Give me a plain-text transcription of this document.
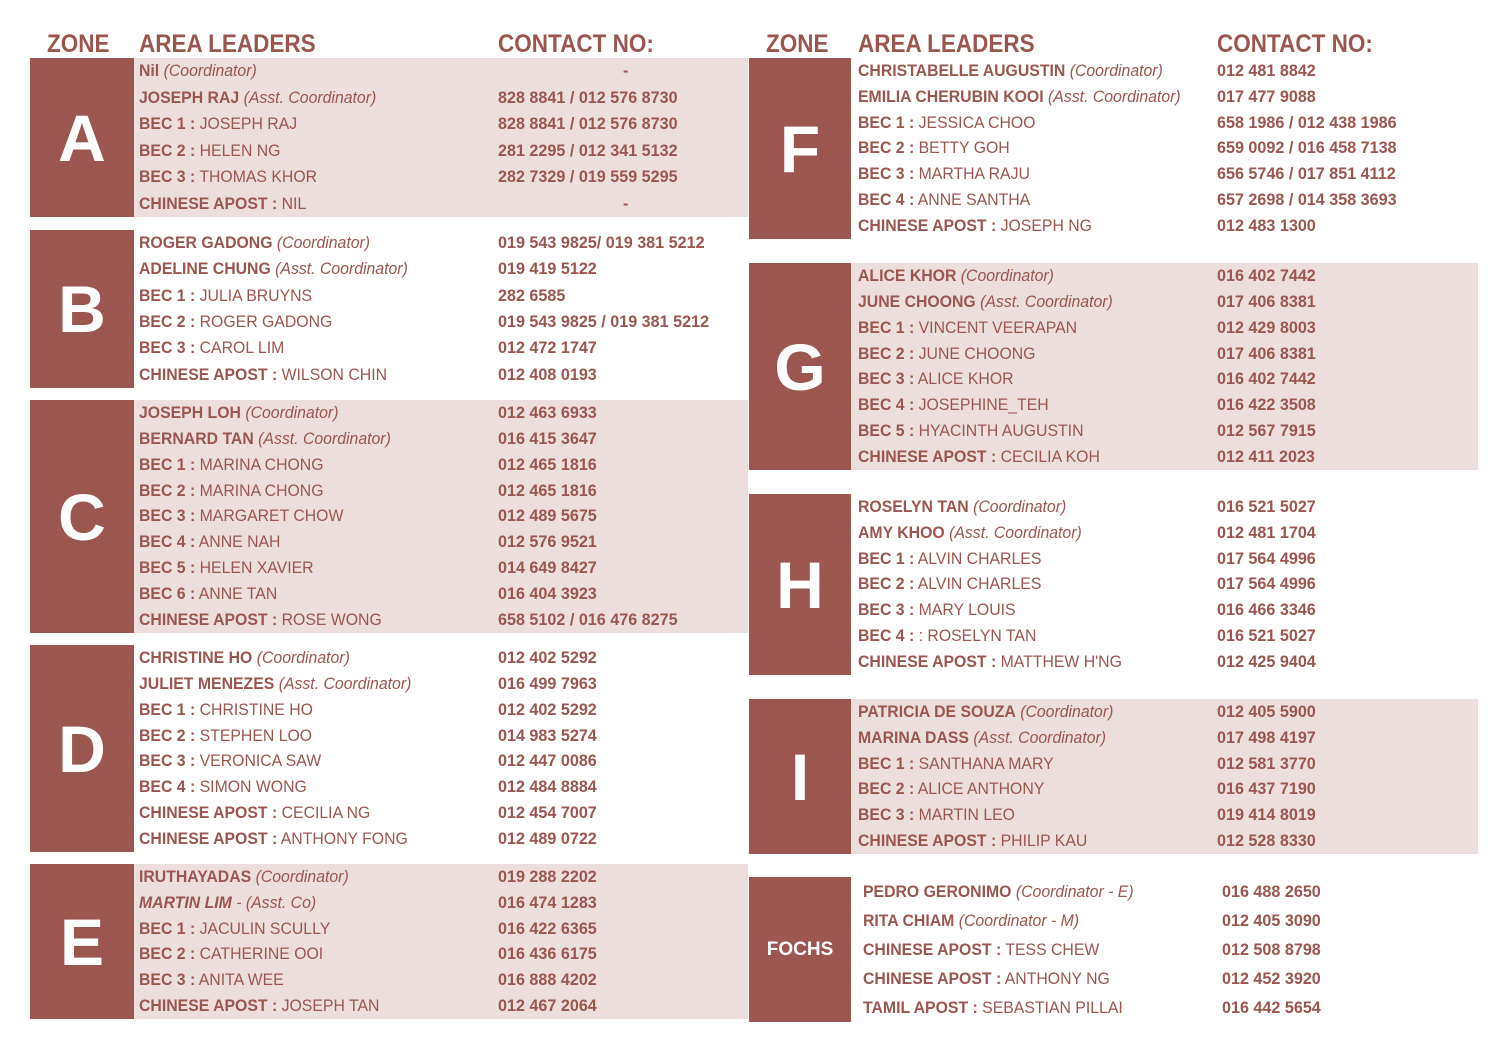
ZONE AREA LEADERS	CONTACT NO:	ZONE AREA LEADERS	CONTACT NO:
A
Nil (Coordinator)	-
JOSEPH RAJ (Asst. Coordinator)	828 8841 / 012 576 8730
BEC 1 : JOSEPH RAJ	828 8841 / 012 576 8730
BEC 2 : HELEN NG	281 2295 / 012 341 5132
BEC 3 : THOMAS KHOR	282 7329 / 019 559 5295
CHINESE APOST : NIL	-
B
ROGER GADONG (Coordinator)	019 543 9825/ 019 381 5212
ADELINE CHUNG (Asst. Coordinator)	019 419 5122
BEC 1 : JULIA BRUYNS	282 6585
BEC 2 : ROGER GADONG	019 543 9825 / 019 381 5212
BEC 3 : CAROL LIM	012 472 1747
CHINESE APOST : WILSON CHIN	012 408 0193
C
JOSEPH LOH (Coordinator)	012 463 6933
BERNARD TAN (Asst. Coordinator)	016 415 3647
BEC 1 : MARINA CHONG	012 465 1816
BEC 2 : MARINA CHONG	012 465 1816
BEC 3 : MARGARET CHOW	012 489 5675
BEC 4 : ANNE NAH	012 576 9521
BEC 5 : HELEN XAVIER	014 649 8427
BEC 6 : ANNE TAN	016 404 3923
CHINESE APOST : ROSE WONG	658 5102 / 016 476 8275
D
CHRISTINE HO (Coordinator)	012 402 5292
JULIET MENEZES (Asst. Coordinator)	016 499 7963
BEC 1 : CHRISTINE HO	012 402 5292
BEC 2 : STEPHEN LOO	014 983 5274
BEC 3 : VERONICA SAW	012 447 0086
BEC 4 : SIMON WONG	012 484 8884
CHINESE APOST : CECILIA NG	012 454 7007
CHINESE APOST : ANTHONY FONG	012 489 0722
E
IRUTHAYADAS (Coordinator)	019 288 2202
MARTIN LIM - (Asst. Co)	016 474 1283
BEC 1 : JACULIN SCULLY	016 422 6365
BEC 2 : CATHERINE OOI	016 436 6175
BEC 3 : ANITA WEE	016 888 4202
CHINESE APOST : JOSEPH TAN	012 467 2064
F
CHRISTABELLE AUGUSTIN (Coordinator)	012 481 8842
EMILIA CHERUBIN KOOI (Asst. Coordinator) 017 477 9088
BEC 1 : JESSICA CHOO	658 1986 / 012 438 1986
BEC 2 : BETTY GOH	659 0092 / 016 458 7138
BEC 3 : MARTHA RAJU	656 5746 / 017 851 4112
BEC 4 : ANNE SANTHA	657 2698 / 014 358 3693
CHINESE APOST : JOSEPH NG	012 483 1300
G
ALICE KHOR (Coordinator)	016 402 7442
JUNE CHOONG (Asst. Coordinator)	017 406 8381
BEC 1 : VINCENT VEERAPAN	012 429 8003
BEC 2 : JUNE CHOONG	017 406 8381
BEC 3 : ALICE KHOR	016 402 7442
BEC 4 : JOSEPHINE_TEH	016 422 3508
BEC 5 : HYACINTH AUGUSTIN	012 567 7915
CHINESE APOST : CECILIA KOH	012 411 2023
H
ROSELYN TAN (Coordinator)	016 521 5027
AMY KHOO (Asst. Coordinator)	012 481 1704
BEC 1 : ALVIN CHARLES	017 564 4996
BEC 2 : ALVIN CHARLES	017 564 4996
BEC 3 : MARY LOUIS	016 466 3346
BEC 4 : : ROSELYN TAN	016 521 5027
CHINESE APOST : MATTHEW H'NG	012 425 9404
I
PATRICIA DE SOUZA (Coordinator)	012 405 5900
MARINA DASS (Asst. Coordinator)	017 498 4197
BEC 1 : SANTHANA MARY	012 581 3770
BEC 2 : ALICE ANTHONY	016 437 7190
BEC 3 : MARTIN LEO	019 414 8019
CHINESE APOST : PHILIP KAU	012 528 8330
FOCHS
PEDRO GERONIMO (Coordinator - E)	016 488 2650
RITA CHIAM (Coordinator - M)	012 405 3090
CHINESE APOST : TESS CHEW	012 508 8798
CHINESE APOST : ANTHONY NG	012 452 3920
TAMIL APOST : SEBASTIAN PILLAI	016 442 5654
